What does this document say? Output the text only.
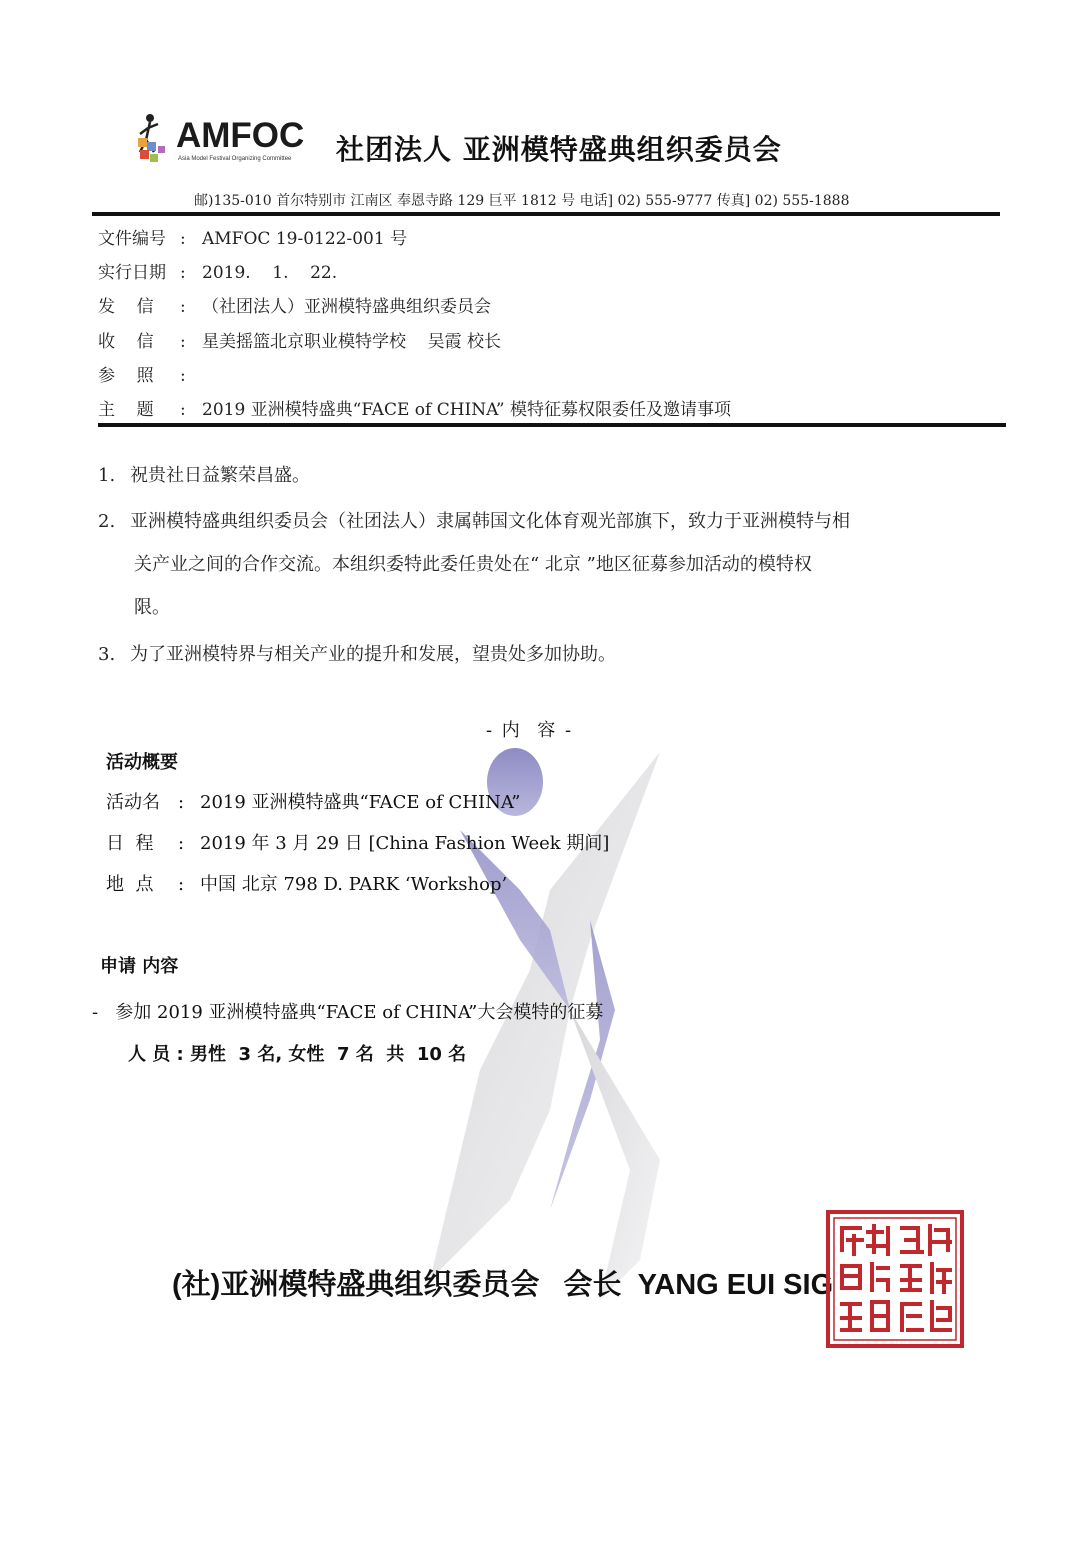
AMFOC
Asia Model Festival Organizing Committee 社团法人 亚洲模特盛典组织委员会
邮)135-010 首尔特别市 江南区 奉恩寺路 129 巨平 1812 号 电话] 02) 555-9777 传真] 02) 555-1888
文件编号 : AMFOC 19-0122-001 号
实行日期 : 2019.    1.    22.
发    信 : （社团法人）亚洲模特盛典组织委员会
收    信 : 星美摇篮北京职业模特学校    吴霞 校长
参    照 :
主    题 : 2019 亚洲模特盛典“FACE of CHINA” 模特征募权限委任及邀请事项
1. 祝贵社日益繁荣昌盛。
2. 亚洲模特盛典组织委员会（社团法人）隶属韩国文化体育观光部旗下，致力于亚洲模特与相
关产业之间的合作交流。本组织委特此委任贵处在“ 北京 ”地区征募参加活动的模特权
限。
3. 为了亚洲模特界与相关产业的提升和发展，望贵处多加协助。
- 内  容 -
活动概要
活动名 : 2019 亚洲模特盛典“FACE of CHINA”
日  程 : 2019 年 3 月 29 日 [China Fashion Week 期间]
地  点 : 中国 北京 798 D. PARK ‘Workshop’
申请 内容
- 参加 2019 亚洲模特盛典“FACE of CHINA”大会模特的征募
人 员 : 男性  3 名, 女性  7 名  共  10 名
(社)亚洲模特盛典组织委员会   会长  YANG EUI SIG
